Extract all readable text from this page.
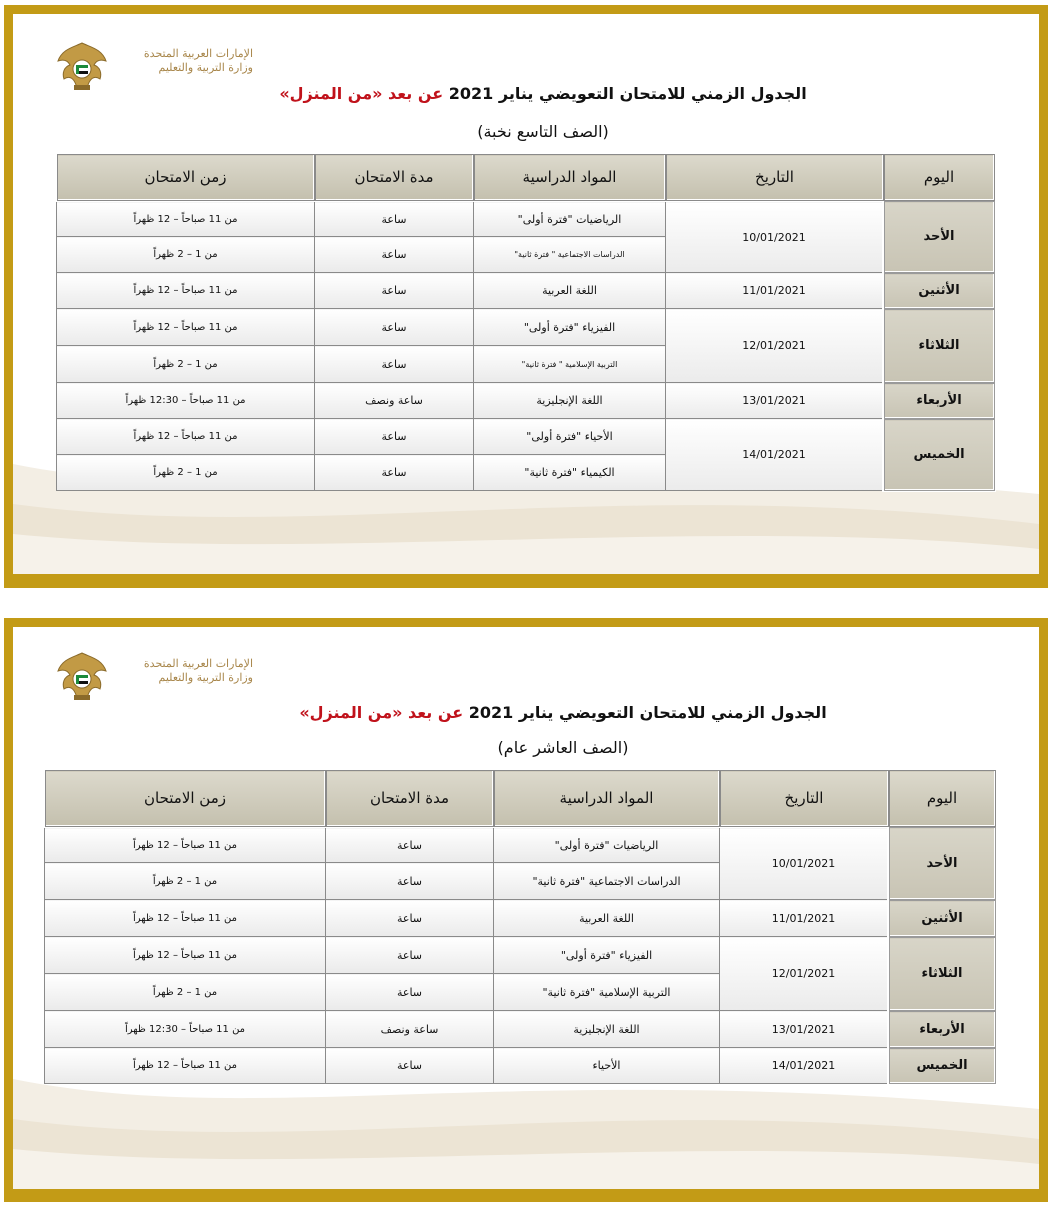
الإمارات العربية المتحدة
وزارة التربية والتعليم
الجدول الزمني للامتحان التعويضي يناير 2021 عن بعد «من المنزل»
(الصف التاسع نخبة)
اليوم	التاريخ	المواد الدراسية	مدة الامتحان	زمن الامتحان
الأحد	10/01/2021	الرياضيات "فترة أولى"	ساعة	من 11 صباحاً – 12 ظهراً
		الدراسات الاجتماعية " فترة ثانية"	ساعة	من 1 – 2 ظهراً
الأثنين	11/01/2021	اللغة العربية	ساعة	من 11 صباحاً – 12 ظهراً
الثلاثاء	12/01/2021	الفيزياء "فترة أولى"	ساعة	من 11 صباحاً – 12 ظهراً
		التربية الإسلامية " فترة ثانية"	ساعة	من 1 – 2 ظهراً
الأربعاء	13/01/2021	اللغة الإنجليزية	ساعة ونصف	من 11 صباحاً – 12:30 ظهراً
الخميس	14/01/2021	الأحياء "فترة أولى"	ساعة	من 11 صباحاً – 12 ظهراً
		الكيمياء "فترة ثانية"	ساعة	من 1 – 2 ظهراً
الإمارات العربية المتحدة
وزارة التربية والتعليم
الجدول الزمني للامتحان التعويضي يناير 2021 عن بعد «من المنزل»
(الصف العاشر عام)
اليوم	التاريخ	المواد الدراسية	مدة الامتحان	زمن الامتحان
الأحد	10/01/2021	الرياضيات "فترة أولى"	ساعة	من 11 صباحاً – 12 ظهراً
		الدراسات الاجتماعية "فترة ثانية"	ساعة	من 1 – 2 ظهراً
الأثنين	11/01/2021	اللغة العربية	ساعة	من 11 صباحاً – 12 ظهراً
الثلاثاء	12/01/2021	الفيزياء "فترة أولى"	ساعة	من 11 صباحاً – 12 ظهراً
		التربية الإسلامية "فترة ثانية"	ساعة	من 1 – 2 ظهراً
الأربعاء	13/01/2021	اللغة الإنجليزية	ساعة ونصف	من 11 صباحاً – 12:30 ظهراً
الخميس	14/01/2021	الأحياء	ساعة	من 11 صباحاً – 12 ظهراً
